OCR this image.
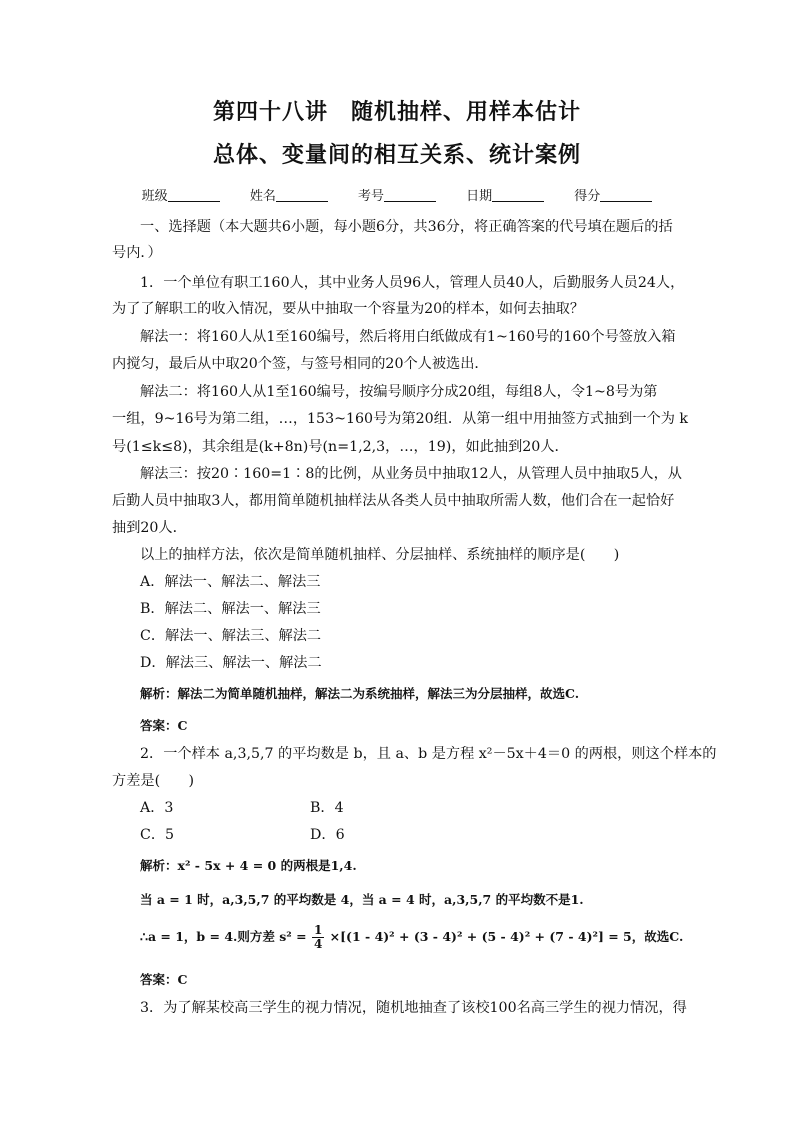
第四十八讲　随机抽样、用样本估计
总体、变量间的相互关系、统计案例
班级	姓名	考号	日期	得分
一、选择题（本大题共6小题，每小题6分，共36分，将正确答案的代号填在题后的括
号内．）
1．一个单位有职工160人，其中业务人员96人，管理人员40人，后勤服务人员24人，
为了了解职工的收入情况，要从中抽取一个容量为20的样本，如何去抽取？
解法一：将160人从1至160编号，然后将用白纸做成有1~160号的160个号签放入箱
内搅匀，最后从中取20个签，与签号相同的20个人被选出．
解法二：将160人从1至160编号，按编号顺序分成20组，每组8人，令1~8号为第
一组，9~16号为第二组，…，153~160号为第20组．从第一组中用抽签方式抽到一个为 k
号(1≤k≤8)，其余组是(k+8n)号(n=1,2,3，…，19)，如此抽到20人．
解法三：按20∶160=1∶8的比例，从业务员中抽取12人，从管理人员中抽取5人，从
后勤人员中抽取3人，都用简单随机抽样法从各类人员中抽取所需人数，他们合在一起恰好
抽到20人．
以上的抽样方法，依次是简单随机抽样、分层抽样、系统抽样的顺序是(　　)
A．解法一、解法二、解法三
B．解法二、解法一、解法三
C．解法一、解法三、解法二
D．解法三、解法一、解法二
解析：解法二为简单随机抽样，解法二为系统抽样，解法三为分层抽样，故选C.
答案：C
2．一个样本 a,3,5,7 的平均数是 b，且 a、b 是方程 x²－5x＋4＝0 的两根，则这个样本的
方差是(　　)
A．3	B．4
C．5	D．6
解析：x² - 5x + 4 = 0 的两根是1,4.
当 a = 1 时，a,3,5,7 的平均数是 4，当 a = 4 时，a,3,5,7 的平均数不是1.
∴a = 1，b = 4.则方差 $s^2 = \frac{1}{4} \times[(1 - 4)^2 + (3 - 4)^2 + (5 - 4)^2 + (7 - 4)^2] = 5$，故选C.
答案：C
3．为了解某校高三学生的视力情况，随机地抽查了该校100名高三学生的视力情况，得
